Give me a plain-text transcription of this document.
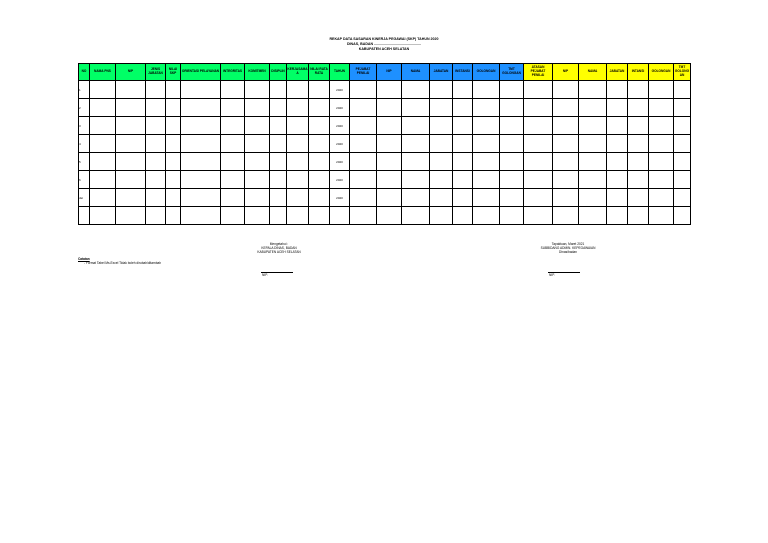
REKAP DATA SASARAN KINERJA PEGAWAI (SKP) TAHUN 2020
DINAS, BADAN ...............................................
KABUPATEN ACEH SELATAN
NO	NAMA PNS	NIP	JENIS JABATAN	NILAI SKP	ORIENTASI PELAYANAN	INTEGRITAS	KOMITMEN	DISIPLIN	KERJASAMA A	NILAI RATA RATA	TAHUN	PEJABAT PENILAI	NIP	NAMA	JABATAN	INSTANSI	GOLONGAN	TMT GOLONGAN	ATASAN PEJABAT PENILAI	NIP	NAMA	JABATAN	INTANSI	GOLONGAN	TMT GOLONG AN
1											2020														
2											2020														
3											2020														
4											2020														
5											2020														
6											2020														
dst											2020														

Mengetahui :
KEPALA DINAS, BADAN
KABUPATEN ACEH SELATAN
NIP.
Tapaktuan, Maret 2021
SUBBIDANG ADMIN. KEPEGAWAIAN
Dinas/badan
NIP.
Catatan
- Format Tabel Ms.Excel Tidak boleh dirubah/ditambah
